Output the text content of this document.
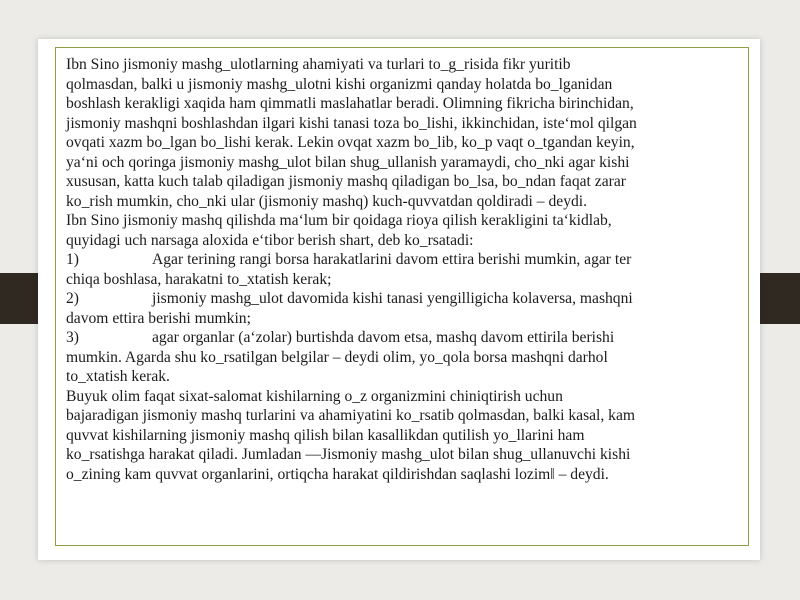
Ibn Sino jismoniy mashg_ulotlarning ahamiyati va turlari to_g_risida fikr yuritib
qolmasdan, balki u jismoniy mashg_ulotni kishi organizmi qanday holatda bo_lganidan
boshlash kerakligi xaqida ham qimmatli maslahatlar beradi. Olimning fikricha birinchidan,
jismoniy mashqni boshlashdan ilgari kishi tanasi toza bo_lishi, ikkinchidan, iste‘mol qilgan
ovqati xazm bo_lgan bo_lishi kerak. Lekin ovqat xazm bo_lib, ko_p vaqt o_tgandan keyin,
ya‘ni och qoringa jismoniy mashg_ulot bilan shug_ullanish yaramaydi, cho_nki agar kishi
xususan, katta kuch talab qiladigan jismoniy mashq qiladigan bo_lsa, bo_ndan faqat zarar
ko_rish mumkin, cho_nki ular (jismoniy mashq) kuch-quvvatdan qoldiradi – deydi.
Ibn Sino jismoniy mashq qilishda ma‘lum bir qoidaga rioya qilish kerakligini ta‘kidlab,
quyidagi uch narsaga aloxida e‘tibor berish shart, deb ko_rsatadi:
1)	Agar terining rangi borsa harakatlarini davom ettira berishi mumkin, agar ter
chiqa boshlasa, harakatni to_xtatish kerak;
2)	jismoniy mashg_ulot davomida kishi tanasi yengilligicha kolaversa, mashqni
davom ettira berishi mumkin;
3)	agar organlar (a‘zolar) burtishda davom etsa, mashq davom ettirila berishi
mumkin. Agarda shu ko_rsatilgan belgilar – deydi olim, yo_qola borsa mashqni darhol
to_xtatish kerak.
Buyuk olim faqat sixat-salomat kishilarning o_z organizmini chiniqtirish uchun
bajaradigan jismoniy mashq turlarini va ahamiyatini ko_rsatib qolmasdan, balki kasal, kam
quvvat kishilarning jismoniy mashq qilish bilan kasallikdan qutilish yo_llarini ham
ko_rsatishga harakat qiladi. Jumladan ―Jismoniy mashg_ulot bilan shug_ullanuvchi kishi
o_zining kam quvvat organlarini, ortiqcha harakat qildirishdan saqlashi lozim‖ – deydi.
